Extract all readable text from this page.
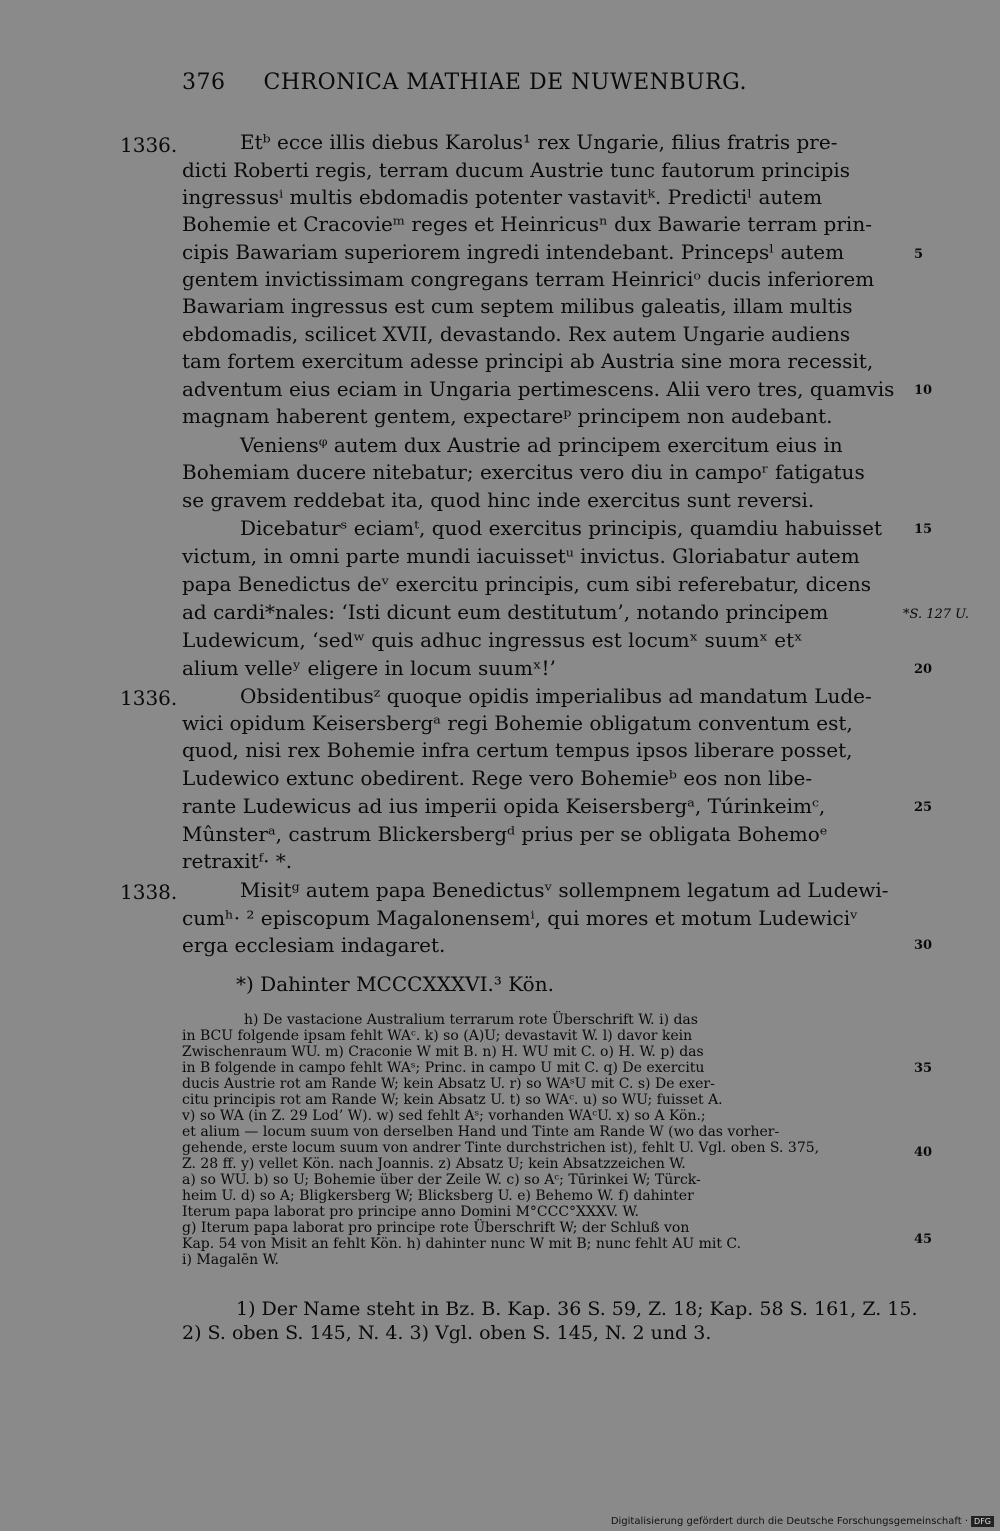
376 CHRONICA MATHIAE DE NUWENBURG.
1336.
1336.
1338.
Etᵇ ecce illis diebus Karolus¹ rex Ungarie, filius fratris pre-
dicti Roberti regis, terram ducum Austrie tunc fautorum principis
ingressusⁱ multis ebdomadis potenter vastavitᵏ. Predictiˡ autem
Bohemie et Cracovieᵐ reges et Heinricusⁿ dux Bawarie terram prin-
cipis Bawariam superiorem ingredi intendebant. Princepsˡ autem
gentem invictissimam congregans terram Heinriciᵒ ducis inferiorem
Bawariam ingressus est cum septem milibus galeatis, illam multis
ebdomadis, scilicet XVII, devastando. Rex autem Ungarie audiens
tam fortem exercitum adesse principi ab Austria sine mora recessit,
adventum eius eciam in Ungaria pertimescens. Alii vero tres, quamvis
magnam haberent gentem, expectareᵖ principem non audebant.
Veniensᵠ autem dux Austrie ad principem exercitum eius in
Bohemiam ducere nitebatur; exercitus vero diu in campoʳ fatigatus
se gravem reddebat ita, quod hinc inde exercitus sunt reversi.
Dicebaturˢ eciamᵗ, quod exercitus principis, quamdiu habuisset
victum, in omni parte mundi iacuissetᵘ invictus. Gloriabatur autem
papa Benedictus deᵛ exercitu principis, cum sibi referebatur, dicens
ad cardi*nales: ‘Isti dicunt eum destitutum’, notando principem
Ludewicum, ‘sedʷ quis adhuc ingressus est locumˣ suumˣ etˣ
alium velleʸ eligere in locum suumˣ!’
Obsidentibusᶻ quoque opidis imperialibus ad mandatum Lude-
wici opidum Keisersbergᵃ regi Bohemie obligatum conventum est,
quod, nisi rex Bohemie infra certum tempus ipsos liberare posset,
Ludewico extunc obedirent. Rege vero Bohemieᵇ eos non libe-
rante Ludewicus ad ius imperii opida Keisersbergᵃ, Túrinkeimᶜ,
Mûnsterᵃ, castrum Blickersbergᵈ prius per se obligata Bohemoᵉ
retraxitᶠ· *.
Misitᵍ autem papa Benedictusᵛ sollempnem legatum ad Ludewi-
cumʰ· ² episcopum Magalonensemⁱ, qui mores et motum Ludewiciᵛ
erga ecclesiam indagaret.
5
10
15
20
25
30
35
40
45
*S. 127 U.
*) Dahinter MCCCXXXVI.³ Kön.
h) De vastacione Australium terrarum rote Überschrift W. i) das
in BCU folgende ipsam fehlt WAᶜ. k) so (A)U; devastavit W. l) davor kein
Zwischenraum WU. m) Craconie W mit B. n) H. WU mit C. o) H. W. p) das
in B folgende in campo fehlt WAˢ; Princ. in campo U mit C. q) De exercitu
ducis Austrie rot am Rande W; kein Absatz U. r) so WAˢU mit C. s) De exer-
citu principis rot am Rande W; kein Absatz U. t) so WAᶜ. u) so WU; fuisset A.
v) so WA (in Z. 29 Lod’ W). w) sed fehlt Aˢ; vorhanden WAᶜU. x) so A Kön.;
et alium — locum suum von derselben Hand und Tinte am Rande W (wo das vorher-
gehende, erste locum suum von andrer Tinte durchstrichen ist), fehlt U. Vgl. oben S. 375,
Z. 28 ff. y) vellet Kön. nach Joannis. z) Absatz U; kein Absatzzeichen W.
a) so WU. b) so U; Bohemie über der Zeile W. c) so Aᶜ; Tūrinkei W; Türck-
heim U. d) so A; Bligkersberg W; Blicksberg U. e) Behemo W. f) dahinter
Iterum papa laborat pro principe anno Domini M°CCC°XXXV. W.
g) Iterum papa laborat pro principe rote Überschrift W; der Schluß von
Kap. 54 von Misit an fehlt Kön. h) dahinter nunc W mit B; nunc fehlt AU mit C.
i) Magalēn W.
1) Der Name steht in Bz. B. Kap. 36 S. 59, Z. 18; Kap. 58 S. 161, Z. 15.
2) S. oben S. 145, N. 4. 3) Vgl. oben S. 145, N. 2 und 3.
Digitalisierung gefördert durch die Deutsche Forschungsgemeinschaft · DFG
